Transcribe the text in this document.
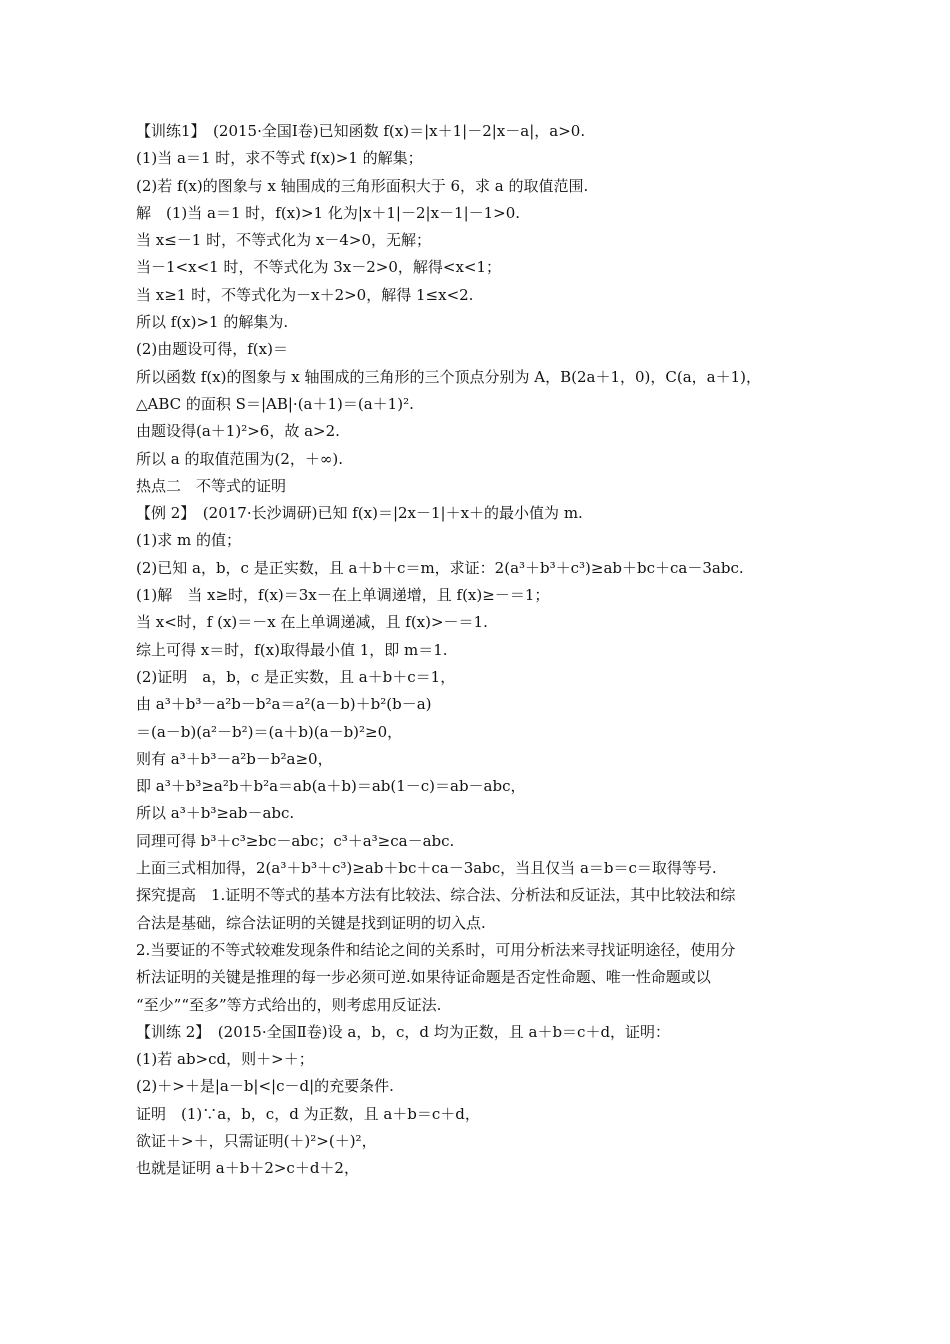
【训练1】　(2015·全国Ⅰ卷)已知函数 f(x)＝|x＋1|－2|x－a|，a>0.
(1)当 a＝1 时，求不等式 f(x)>1 的解集；
(2)若 f(x)的图象与 x 轴围成的三角形面积大于 6，求 a 的取值范围.
解　(1)当 a＝1 时，f(x)>1 化为|x＋1|－2|x－1|－1>0.
当 x≤－1 时，不等式化为 x－4>0，无解；
当－1<x<1 时，不等式化为 3x－2>0，解得<x<1；
当 x≥1 时，不等式化为－x＋2>0，解得 1≤x<2.
所以 f(x)>1 的解集为.
(2)由题设可得，f(x)＝
所以函数 f(x)的图象与 x 轴围成的三角形的三个顶点分别为 A，B(2a＋1，0)，C(a，a＋1)，
△ABC 的面积 S＝|AB|·(a＋1)＝(a＋1)².
由题设得(a＋1)²>6，故 a>2.
所以 a 的取值范围为(2，＋∞).
热点二　不等式的证明
【例 2】　(2017·长沙调研)已知 f(x)＝|2x－1|＋x＋的最小值为 m.
(1)求 m 的值；
(2)已知 a，b，c 是正实数，且 a＋b＋c＝m，求证：2(a³＋b³＋c³)≥ab＋bc＋ca－3abc.
(1)解　当 x≥时，f(x)＝3x－在上单调递增，且 f(x)≥－＝1；
当 x<时，f (x)＝－x 在上单调递减，且 f(x)>－＝1.
综上可得 x＝时，f(x)取得最小值 1，即 m＝1.
(2)证明　a，b，c 是正实数，且 a＋b＋c＝1，
由 a³＋b³－a²b－b²a＝a²(a－b)＋b²(b－a)
＝(a－b)(a²－b²)＝(a＋b)(a－b)²≥0，
则有 a³＋b³－a²b－b²a≥0，
即 a³＋b³≥a²b＋b²a＝ab(a＋b)＝ab(1－c)＝ab－abc，
所以 a³＋b³≥ab－abc.
同理可得 b³＋c³≥bc－abc；c³＋a³≥ca－abc.
上面三式相加得，2(a³＋b³＋c³)≥ab＋bc＋ca－3abc，当且仅当 a＝b＝c＝取得等号.
探究提高　1.证明不等式的基本方法有比较法、综合法、分析法和反证法，其中比较法和综
合法是基础，综合法证明的关键是找到证明的切入点.
2.当要证的不等式较难发现条件和结论之间的关系时，可用分析法来寻找证明途径，使用分
析法证明的关键是推理的每一步必须可逆.如果待证命题是否定性命题、唯一性命题或以
“至少”“至多”等方式给出的，则考虑用反证法.
【训练 2】　(2015·全国Ⅱ卷)设 a，b，c，d 均为正数，且 a＋b＝c＋d，证明：
(1)若 ab>cd，则＋>＋；
(2)＋>＋是|a－b|<|c－d|的充要条件.
证明　(1)∵a，b，c，d 为正数，且 a＋b＝c＋d，
欲证＋>＋，只需证明(＋)²>(＋)²，
也就是证明 a＋b＋2>c＋d＋2，
